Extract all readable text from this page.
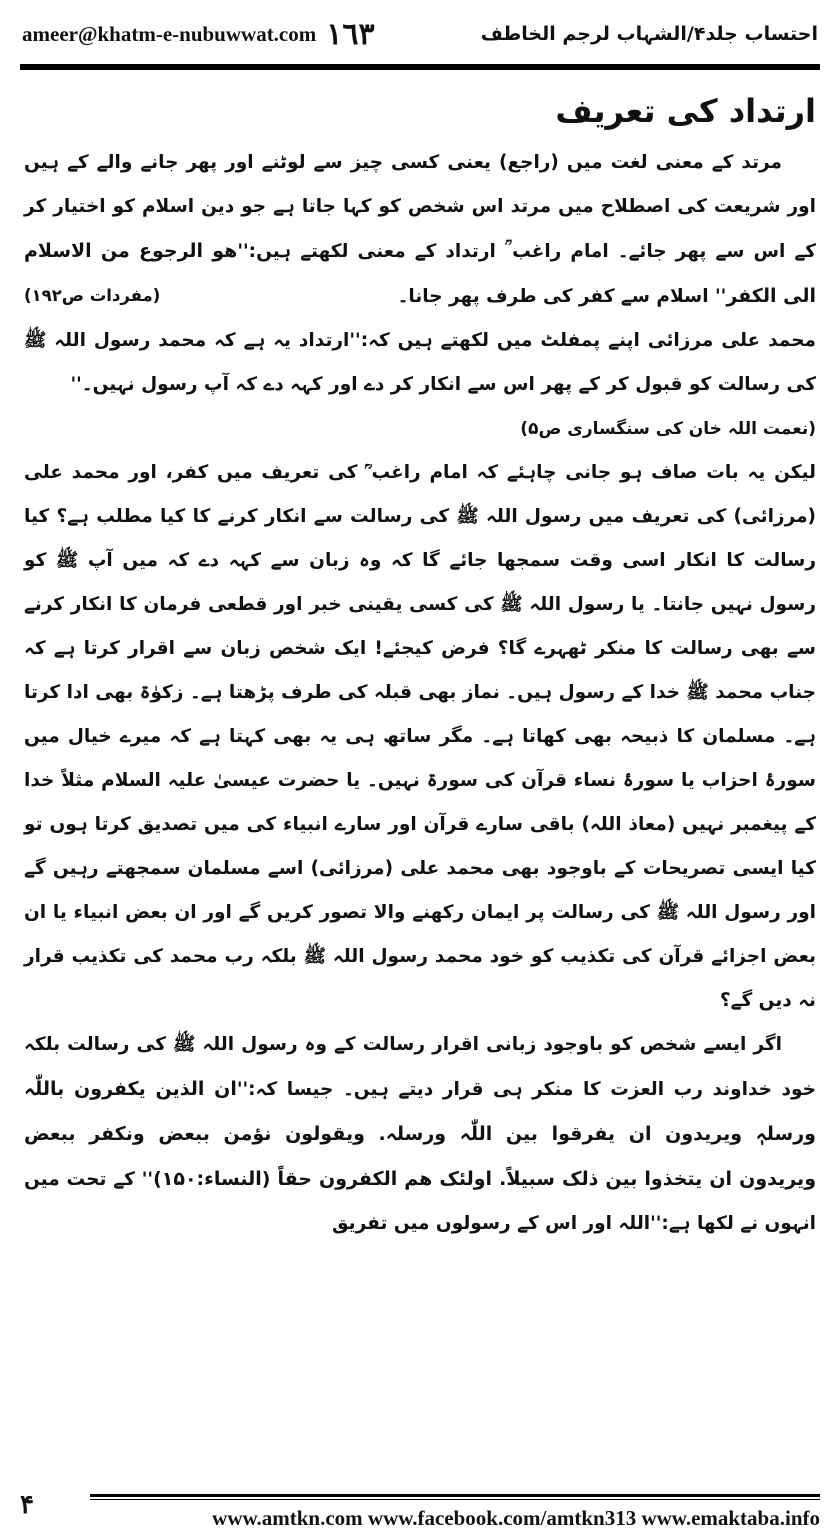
ameer@khatm-e-nubuwwat.com ١٦٣	احتساب جلد۴/الشہاب لرجم الخاطف
ارتداد کی تعریف

مرتد کے معنی لغت میں (راجع) یعنی کسی چیز سے لوٹنے اور پھر جانے والے کے ہیں اور شریعت کی اصطلاح میں مرتد اس شخص کو کہا جاتا ہے جو دین اسلام کو اختیار کر کے اس سے پھر جائے۔ امام راغب ؒ ارتداد کے معنی لکھتے ہیں:''ھو الرجوع من الاسلام الی الکفر'' اسلام سے کفر کی طرف پھر جانا۔
(مفردات ص۱۹۲)

محمد علی مرزائی اپنے پمفلٹ میں لکھتے ہیں کہ:''ارتداد یہ ہے کہ محمد رسول اللہ ﷺ کی رسالت کو قبول کر کے پھر اس سے انکار کر دے اور کہہ دے کہ آپ رسول نہیں۔''

(نعمت اللہ خان کی سنگساری ص۵)

لیکن یہ بات صاف ہو جانی چاہئے کہ امام راغب ؒ کی تعریف میں کفر، اور محمد علی (مرزائی) کی تعریف میں رسول اللہ ﷺ کی رسالت سے انکار کرنے کا کیا مطلب ہے؟ کیا رسالت کا انکار اسی وقت سمجھا جائے گا کہ وہ زبان سے کہہ دے کہ میں آپ ﷺ کو رسول نہیں جانتا۔ یا رسول اللہ ﷺ کی کسی یقینی خبر اور قطعی فرمان کا انکار کرنے سے بھی رسالت کا منکر ٹھہرے گا؟ فرض کیجئے! ایک شخص زبان سے اقرار کرتا ہے کہ جناب محمد ﷺ خدا کے رسول ہیں۔ نماز بھی قبلہ کی طرف پڑھتا ہے۔ زکوٰۃ بھی ادا کرتا ہے۔ مسلمان کا ذبیحہ بھی کھاتا ہے۔ مگر ساتھ ہی یہ بھی کہتا ہے کہ میرے خیال میں سورۂ احزاب یا سورۂ نساء قرآن کی سورۃ نہیں۔ یا حضرت عیسیٰ علیہ السلام مثلاً خدا کے پیغمبر نہیں (معاذ اللہ) باقی سارے قرآن اور سارے انبیاء کی میں تصدیق کرتا ہوں تو کیا ایسی تصریحات کے باوجود بھی محمد علی (مرزائی) اسے مسلمان سمجھتے رہیں گے اور رسول اللہ ﷺ کی رسالت پر ایمان رکھنے والا تصور کریں گے اور ان بعض انبیاء یا ان بعض اجزائے قرآن کی تکذیب کو خود محمد رسول اللہ ﷺ بلکہ رب محمد کی تکذیب قرار نہ دیں گے؟

اگر ایسے شخص کو باوجود زبانی اقرار رسالت کے وہ رسول اللہ ﷺ کی رسالت بلکہ خود خداوند رب العزت کا منکر ہی قرار دیتے ہیں۔ جیسا کہ:''ان الذین یکفرون باللّٰہ ورسلہٖ ویریدون ان یفرقوا بین اللّٰہ ورسلہ. ویقولون نؤمن ببعض ونکفر ببعض ویریدون ان یتخذوا بین ذلک سبیلاً. اولئک ھم الکفرون حقاً (النساء:۱۵۰)'' کے تحت میں انہوں نے لکھا ہے:''اللہ اور اس کے رسولوں میں تفریق

۴	www.amtkn.com www.facebook.com/amtkn313 www.emaktaba.info
